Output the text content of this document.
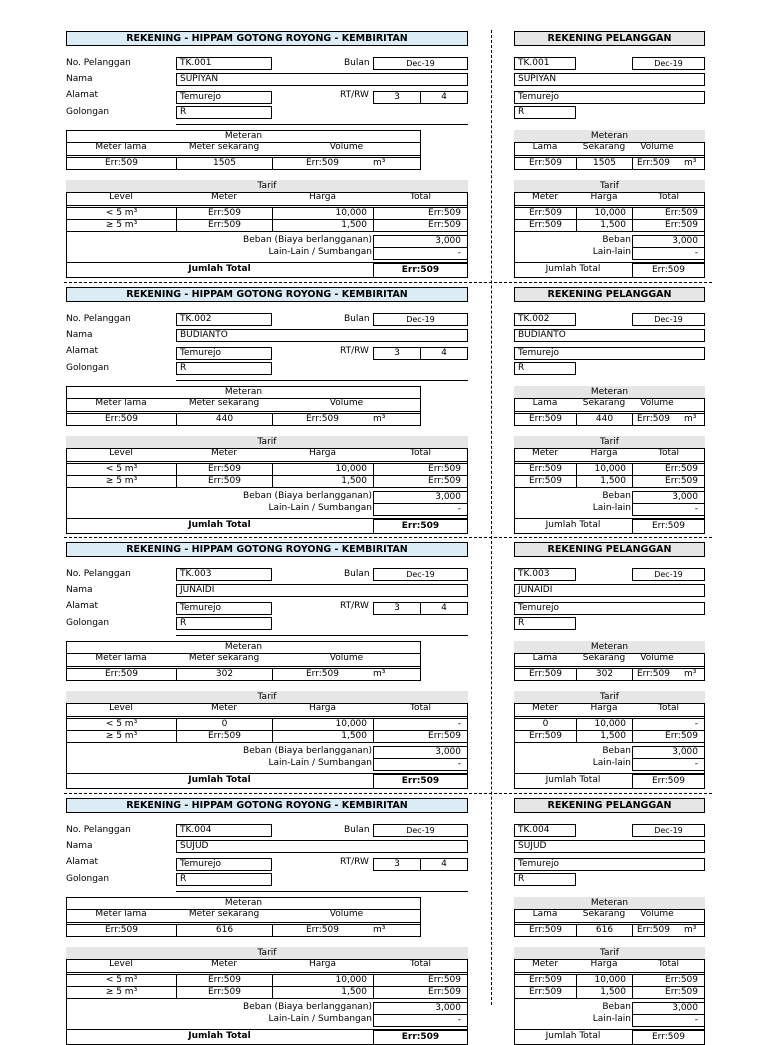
REKENING - HIPPAM GOTONG ROYONG - KEMBIRITAN
No. Pelanggan	TK.001	Bulan	Dec-19
Nama	SUPIYAN
Alamat	Temurejo	RT/RW	3	4
Golongan	R
Meteran
Meter lama	Meter sekarang	Volume
Err:509	1505	Err:509	m³
Tarif
Level	Meter	Harga	Total
< 5 m³	Err:509	10,000	Err:509
≥ 5 m³	Err:509	1,500	Err:509
Beban (Biaya berlangganan)	3,000
Lain-Lain / Sumbangan	-
Jumlah Total	Err:509
REKENING PELANGGAN
TK.001	Dec-19
SUPIYAN
Temurejo
R
Meteran
Lama	Sekarang	Volume
Err:509	1505	Err:509 m³
Tarif
Meter	Harga	Total
Err:509	10,000	Err:509
Err:509	1,500	Err:509
Beban	3,000
Lain-lain	-
Jumlah Total	Err:509
REKENING - HIPPAM GOTONG ROYONG - KEMBIRITAN
No. Pelanggan	TK.002	Bulan	Dec-19
Nama	BUDIANTO
Alamat	Temurejo	RT/RW	3	4
Golongan	R
Meteran
Meter lama	Meter sekarang	Volume
Err:509	440	Err:509	m³
Tarif
Level	Meter	Harga	Total
< 5 m³	Err:509	10,000	Err:509
≥ 5 m³	Err:509	1,500	Err:509
Beban (Biaya berlangganan)	3,000
Lain-Lain / Sumbangan	-
Jumlah Total	Err:509
REKENING PELANGGAN
TK.002	Dec-19
BUDIANTO
Temurejo
R
Meteran
Lama	Sekarang	Volume
Err:509	440	Err:509 m³
Tarif
Meter	Harga	Total
Err:509	10,000	Err:509
Err:509	1,500	Err:509
Beban	3,000
Lain-lain	-
Jumlah Total	Err:509
REKENING - HIPPAM GOTONG ROYONG - KEMBIRITAN
No. Pelanggan	TK.003	Bulan	Dec-19
Nama	JUNAIDI
Alamat	Temurejo	RT/RW	3	4
Golongan	R
Meteran
Meter lama	Meter sekarang	Volume
Err:509	302	Err:509	m³
Tarif
Level	Meter	Harga	Total
< 5 m³	0	10,000	-
≥ 5 m³	Err:509	1,500	Err:509
Beban (Biaya berlangganan)	3,000
Lain-Lain / Sumbangan	-
Jumlah Total	Err:509
REKENING PELANGGAN
TK.003	Dec-19
JUNAIDI
Temurejo
R
Meteran
Lama	Sekarang	Volume
Err:509	302	Err:509 m³
Tarif
Meter	Harga	Total
0	10,000	-
Err:509	1,500	Err:509
Beban	3,000
Lain-lain	-
Jumlah Total	Err:509
REKENING - HIPPAM GOTONG ROYONG - KEMBIRITAN
No. Pelanggan	TK.004	Bulan	Dec-19
Nama	SUJUD
Alamat	Temurejo	RT/RW	3	4
Golongan	R
Meteran
Meter lama	Meter sekarang	Volume
Err:509	616	Err:509	m³
Tarif
Level	Meter	Harga	Total
< 5 m³	Err:509	10,000	Err:509
≥ 5 m³	Err:509	1,500	Err:509
Beban (Biaya berlangganan)	3,000
Lain-Lain / Sumbangan	-
Jumlah Total	Err:509
REKENING PELANGGAN
TK.004	Dec-19
SUJUD
Temurejo
R
Meteran
Lama	Sekarang	Volume
Err:509	616	Err:509 m³
Tarif
Meter	Harga	Total
Err:509	10,000	Err:509
Err:509	1,500	Err:509
Beban	3,000
Lain-lain	-
Jumlah Total	Err:509
